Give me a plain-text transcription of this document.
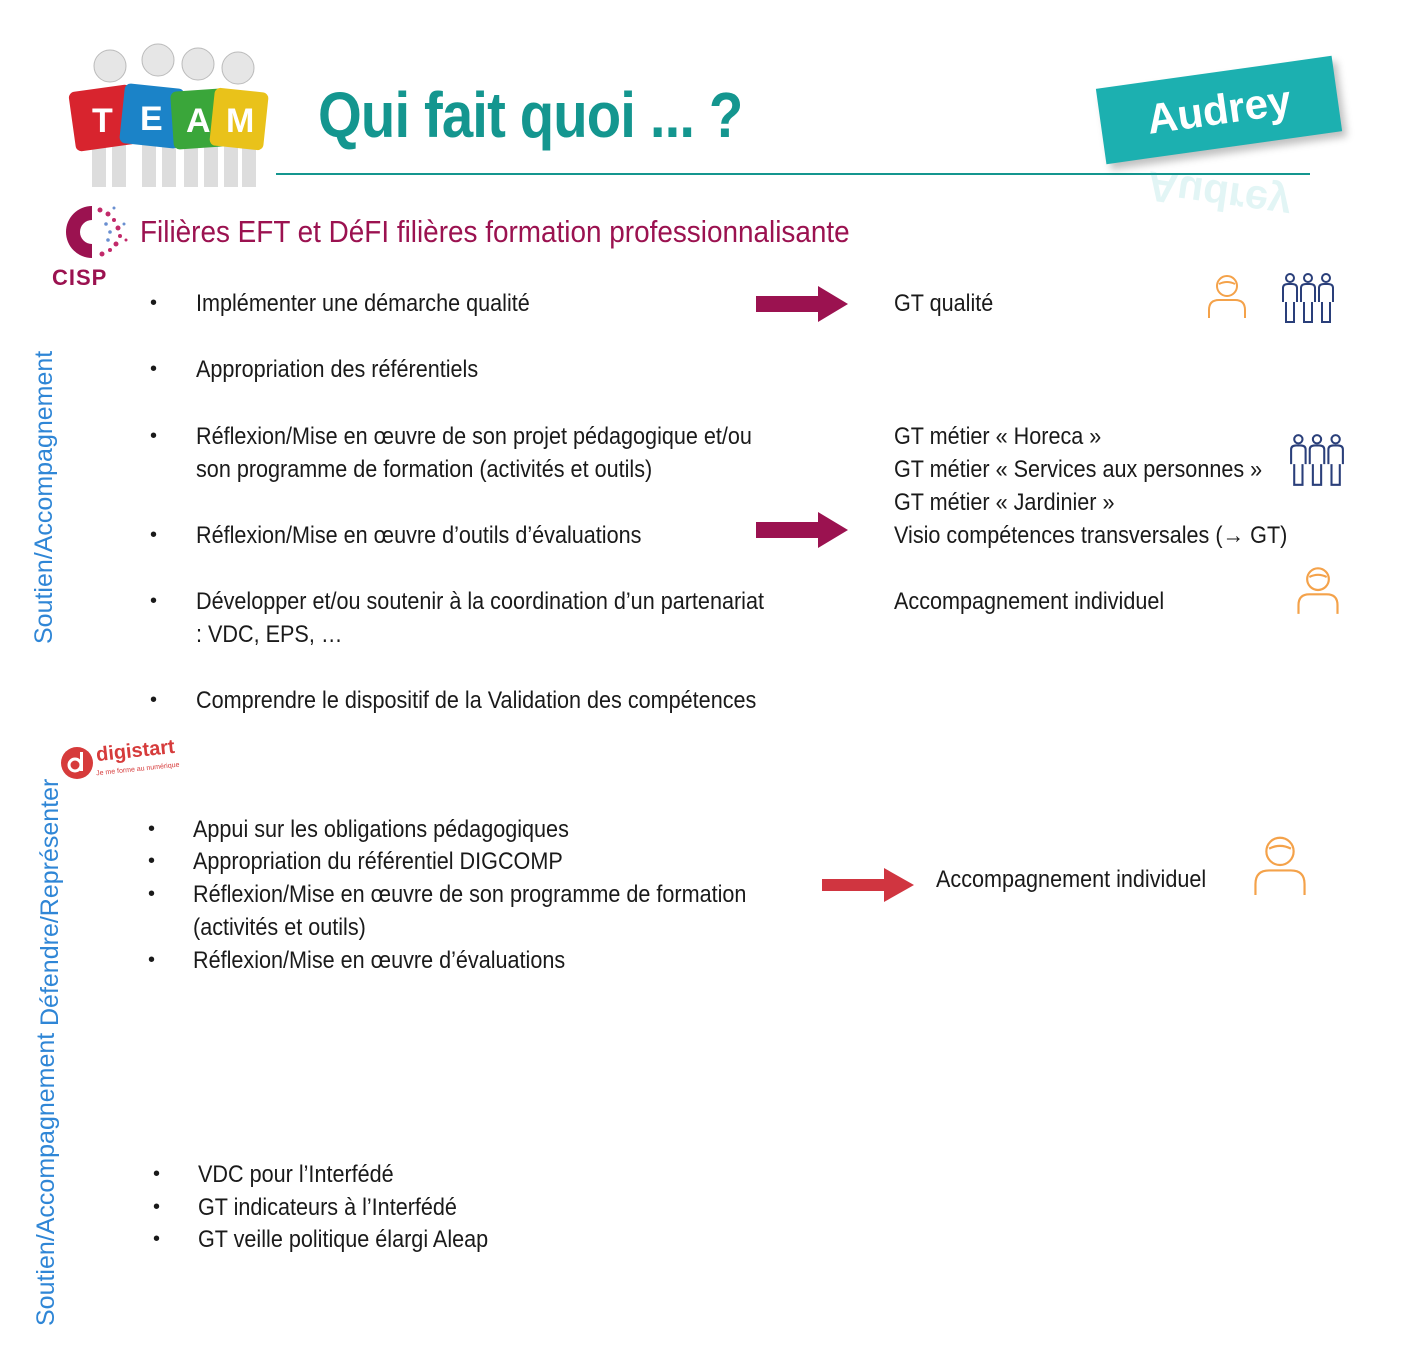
T E A M Qui fait quoi ... ?	Audrey
Audrey
CISP
Filières EFT et DéFI filières formation professionnalisante
Soutien/Accompagnement
• Implémenter une démarche qualité
• Appropriation des référentiels
• Réflexion/Mise en œuvre de son projet pédagogique et/ou
son programme de formation (activités et outils)
• Réflexion/Mise en œuvre d’outils d’évaluations
• Développer et/ou soutenir à la coordination d’un partenariat
: VDC, EPS, …
• Comprendre le dispositif de la Validation des compétences
GT qualité
GT métier « Horeca »
GT métier « Services aux personnes »
GT métier « Jardinier »
Visio compétences transversales (→ GT)
Accompagnement individuel
digistart
Je me forme au numérique
Défendre/Représenter	• Appui sur les obligations pédagogiques
• Appropriation du référentiel DIGCOMP
• Réflexion/Mise en œuvre de son programme de formation
(activités et outils)
• Réflexion/Mise en œuvre d’évaluations
Accompagnement individuel
Soutien/Accompagnement	• VDC pour l’Interfédé
• GT indicateurs à l’Interfédé
• GT veille politique élargi Aleap
